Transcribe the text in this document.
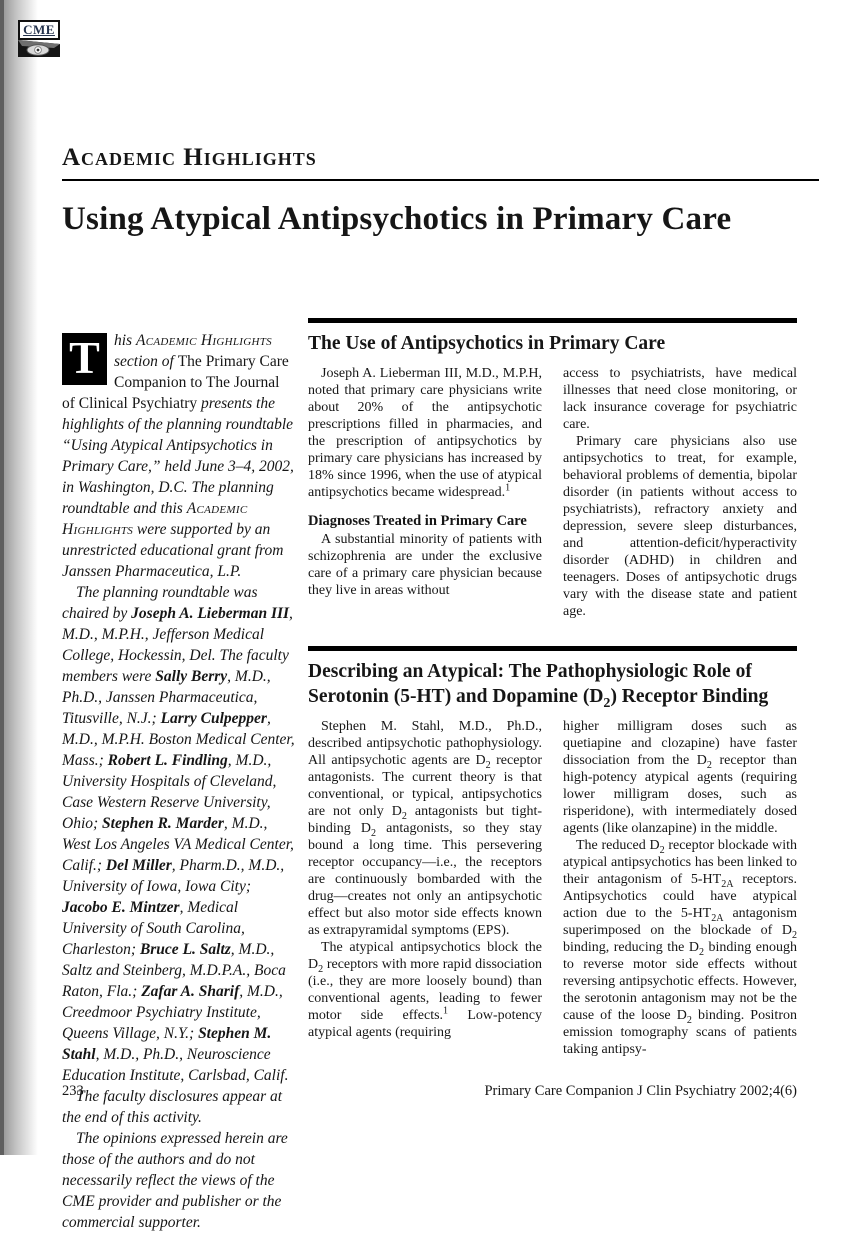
CME
Academic Highlights
Using Atypical Antipsychotics in Primary Care

T his Academic Highlights section of The Primary Care Companion to The Journal of Clinical Psychiatry presents the highlights of the planning roundtable “Using Atypical Antipsychotics in Primary Care,” held June 3–4, 2002, in Washington, D.C. The planning roundtable and this Academic Highlights were supported by an unrestricted educational grant from Janssen Pharmaceutica, L.P.

The planning roundtable was chaired by Joseph A. Lieberman III, M.D., M.P.H., Jefferson Medical College, Hockessin, Del. The faculty members were Sally Berry, M.D., Ph.D., Janssen Pharmaceutica, Titusville, N.J.; Larry Culpepper, M.D., M.P.H. Boston Medical Center, Mass.; Robert L. Findling, M.D., University Hospitals of Cleveland, Case Western Reserve University, Ohio; Stephen R. Marder, M.D., West Los Angeles VA Medical Center, Calif.; Del Miller, Pharm.D., M.D., University of Iowa, Iowa City; Jacobo E. Mintzer, Medical University of South Carolina, Charleston; Bruce L. Saltz, M.D., Saltz and Steinberg, M.D.P.A., Boca Raton, Fla.; Zafar A. Sharif, M.D., Creedmoor Psychiatry Institute, Queens Village, N.Y.; Stephen M. Stahl, M.D., Ph.D., Neuroscience Education Institute, Carlsbad, Calif.

The faculty disclosures appear at the end of this activity.

The opinions expressed herein are those of the authors and do not necessarily reflect the views of the CME provider and publisher or the commercial supporter.

The Use of Antipsychotics in Primary Care

Joseph A. Lieberman III, M.D., M.P.H, noted that primary care physicians write about 20% of the antipsychotic prescriptions filled in pharmacies, and the prescription of antipsychotics by primary care physicians has increased by 18% since 1996, when the use of atypical antipsychotics became widespread.$^1$

Diagnoses Treated in Primary Care

A substantial minority of patients with schizophrenia are under the exclusive care of a primary care physician because they live in areas without

access to psychiatrists, have medical illnesses that need close monitoring, or lack insurance coverage for psychiatric care.

Primary care physicians also use antipsychotics to treat, for example, behavioral problems of dementia, bipolar disorder (in patients without access to psychiatrists), refractory anxiety and depression, severe sleep disturbances, and attention-deficit/hyperactivity disorder (ADHD) in children and teenagers. Doses of antipsychotic drugs vary with the disease state and patient age.

Describing an Atypical: The Pathophysiologic Role of
Serotonin (5-HT) and Dopamine $(D_2)$ Receptor Binding

Stephen M. Stahl, M.D., Ph.D., described antipsychotic pathophysiology. All antipsychotic agents are $D_2$ receptor antagonists. The current theory is that conventional, or typical, antipsychotics are not only $D_2$ antagonists but tight-binding $D_2$ antagonists, so they stay bound a long time. This persevering receptor occupancy—i.e., the receptors are continuously bombarded with the drug—creates not only an antipsychotic effect but also motor side effects known as extrapyramidal symptoms (EPS).

The atypical antipsychotics block the $D_2$ receptors with more rapid dissociation (i.e., they are more loosely bound) than conventional agents, leading to fewer motor side effects.$^1$ Low-potency atypical agents (requiring

higher milligram doses such as quetiapine and clozapine) have faster dissociation from the $D_2$ receptor than high-potency atypical agents (requiring lower milligram doses, such as risperidone), with intermediately dosed agents (like olanzapine) in the middle.

The reduced $D_2$ receptor blockade with atypical antipsychotics has been linked to their antagonism of $5-HT_{2A}$ receptors. Antipsychotics could have atypical action due to the $5-HT_{2A}$ antagonism superimposed on the blockade of $D_2$ binding, reducing the $D_2$ binding enough to reverse motor side effects without reversing antipsychotic effects. However, the serotonin antagonism may not be the cause of the loose $D_2$ binding. Positron emission tomography scans of patients taking antipsy-

233	Primary Care Companion J Clin Psychiatry 2002;4(6)
